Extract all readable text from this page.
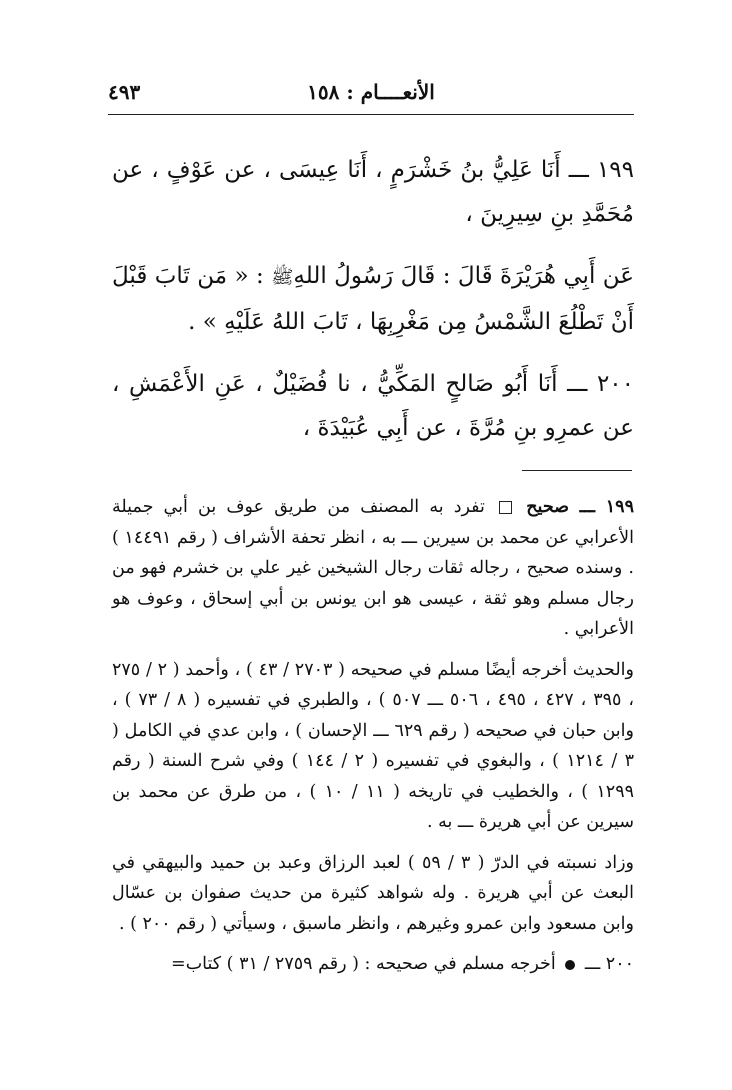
الأنعــــام : ١٥٨
٤٩٣

١٩٩ ـــ أَنَا عَلِيُّ بنُ خَشْرَمٍ ، أَنَا عِيسَى ، عن عَوْفٍ ، عن مُحَمَّدِ بنِ سِيرِينَ ،

عَن أَبِي هُرَيْرَةَ قَالَ : قَالَ رَسُولُ اللهِﷺ : « مَن تَابَ قَبْلَ أَنْ تَطْلُعَ الشَّمْسُ مِن مَغْرِبِهَا ، تَابَ اللهُ عَلَيْهِ » .

٢٠٠ ـــ أَنَا أَبُو صَالحٍ المَكِّيُّ ، نا فُضَيْلٌ ، عَنِ الأَعْمَشِ ، عن عمرِو بنِ مُرَّةَ ، عن أَبِي عُبَيْدَةَ ،

١٩٩ ـــ صحيح  تفرد به المصنف من طريق عوف بن أبي جميلة الأعرابي عن محمد بن سيرين ـــ به ، انظر تحفة الأشراف ( رقم ١٤٤٩١ ) . وسنده صحيح ، رجاله ثقات رجال الشيخين غير علي بن خشرم فهو من رجال مسلم وهو ثقة ، عيسى هو ابن يونس بن أبي إسحاق ، وعوف هو الأعرابي .

والحديث أخرجه أيضًا مسلم في صحيحه ( ٢٧٠٣ / ٤٣ ) ، وأحمد ( ٢ / ٢٧٥ ، ٣٩٥ ، ٤٢٧ ، ٤٩٥ ، ٥٠٦ ـــ ٥٠٧ ) ، والطبري في تفسيره ( ٨ / ٧٣ ) ، وابن حبان في صحيحه ( رقم ٦٢٩ ـــ الإحسان ) ، وابن عدي في الكامل ( ٣ / ١٢١٤ ) ، والبغوي في تفسيره ( ٢ / ١٤٤ ) وفي شرح السنة ( رقم ١٢٩٩ ) ، والخطيب في تاريخه ( ١١ / ١٠ ) ، من طرق عن محمد بن سيرين عن أبي هريرة ـــ به .

وزاد نسبته في الدرّ ( ٣ / ٥٩ ) لعبد الرزاق وعبد بن حميد والبيهقي في البعث عن أبي هريرة . وله شواهد كثيرة من حديث صفوان بن عسّال وابن مسعود وابن عمرو وغيرهم ، وانظر ماسبق ، وسيأتي ( رقم ٢٠٠ ) .

٢٠٠ ـــ  أخرجه مسلم في صحيحه : ( رقم ٢٧٥٩ / ٣١ ) كتاب=
